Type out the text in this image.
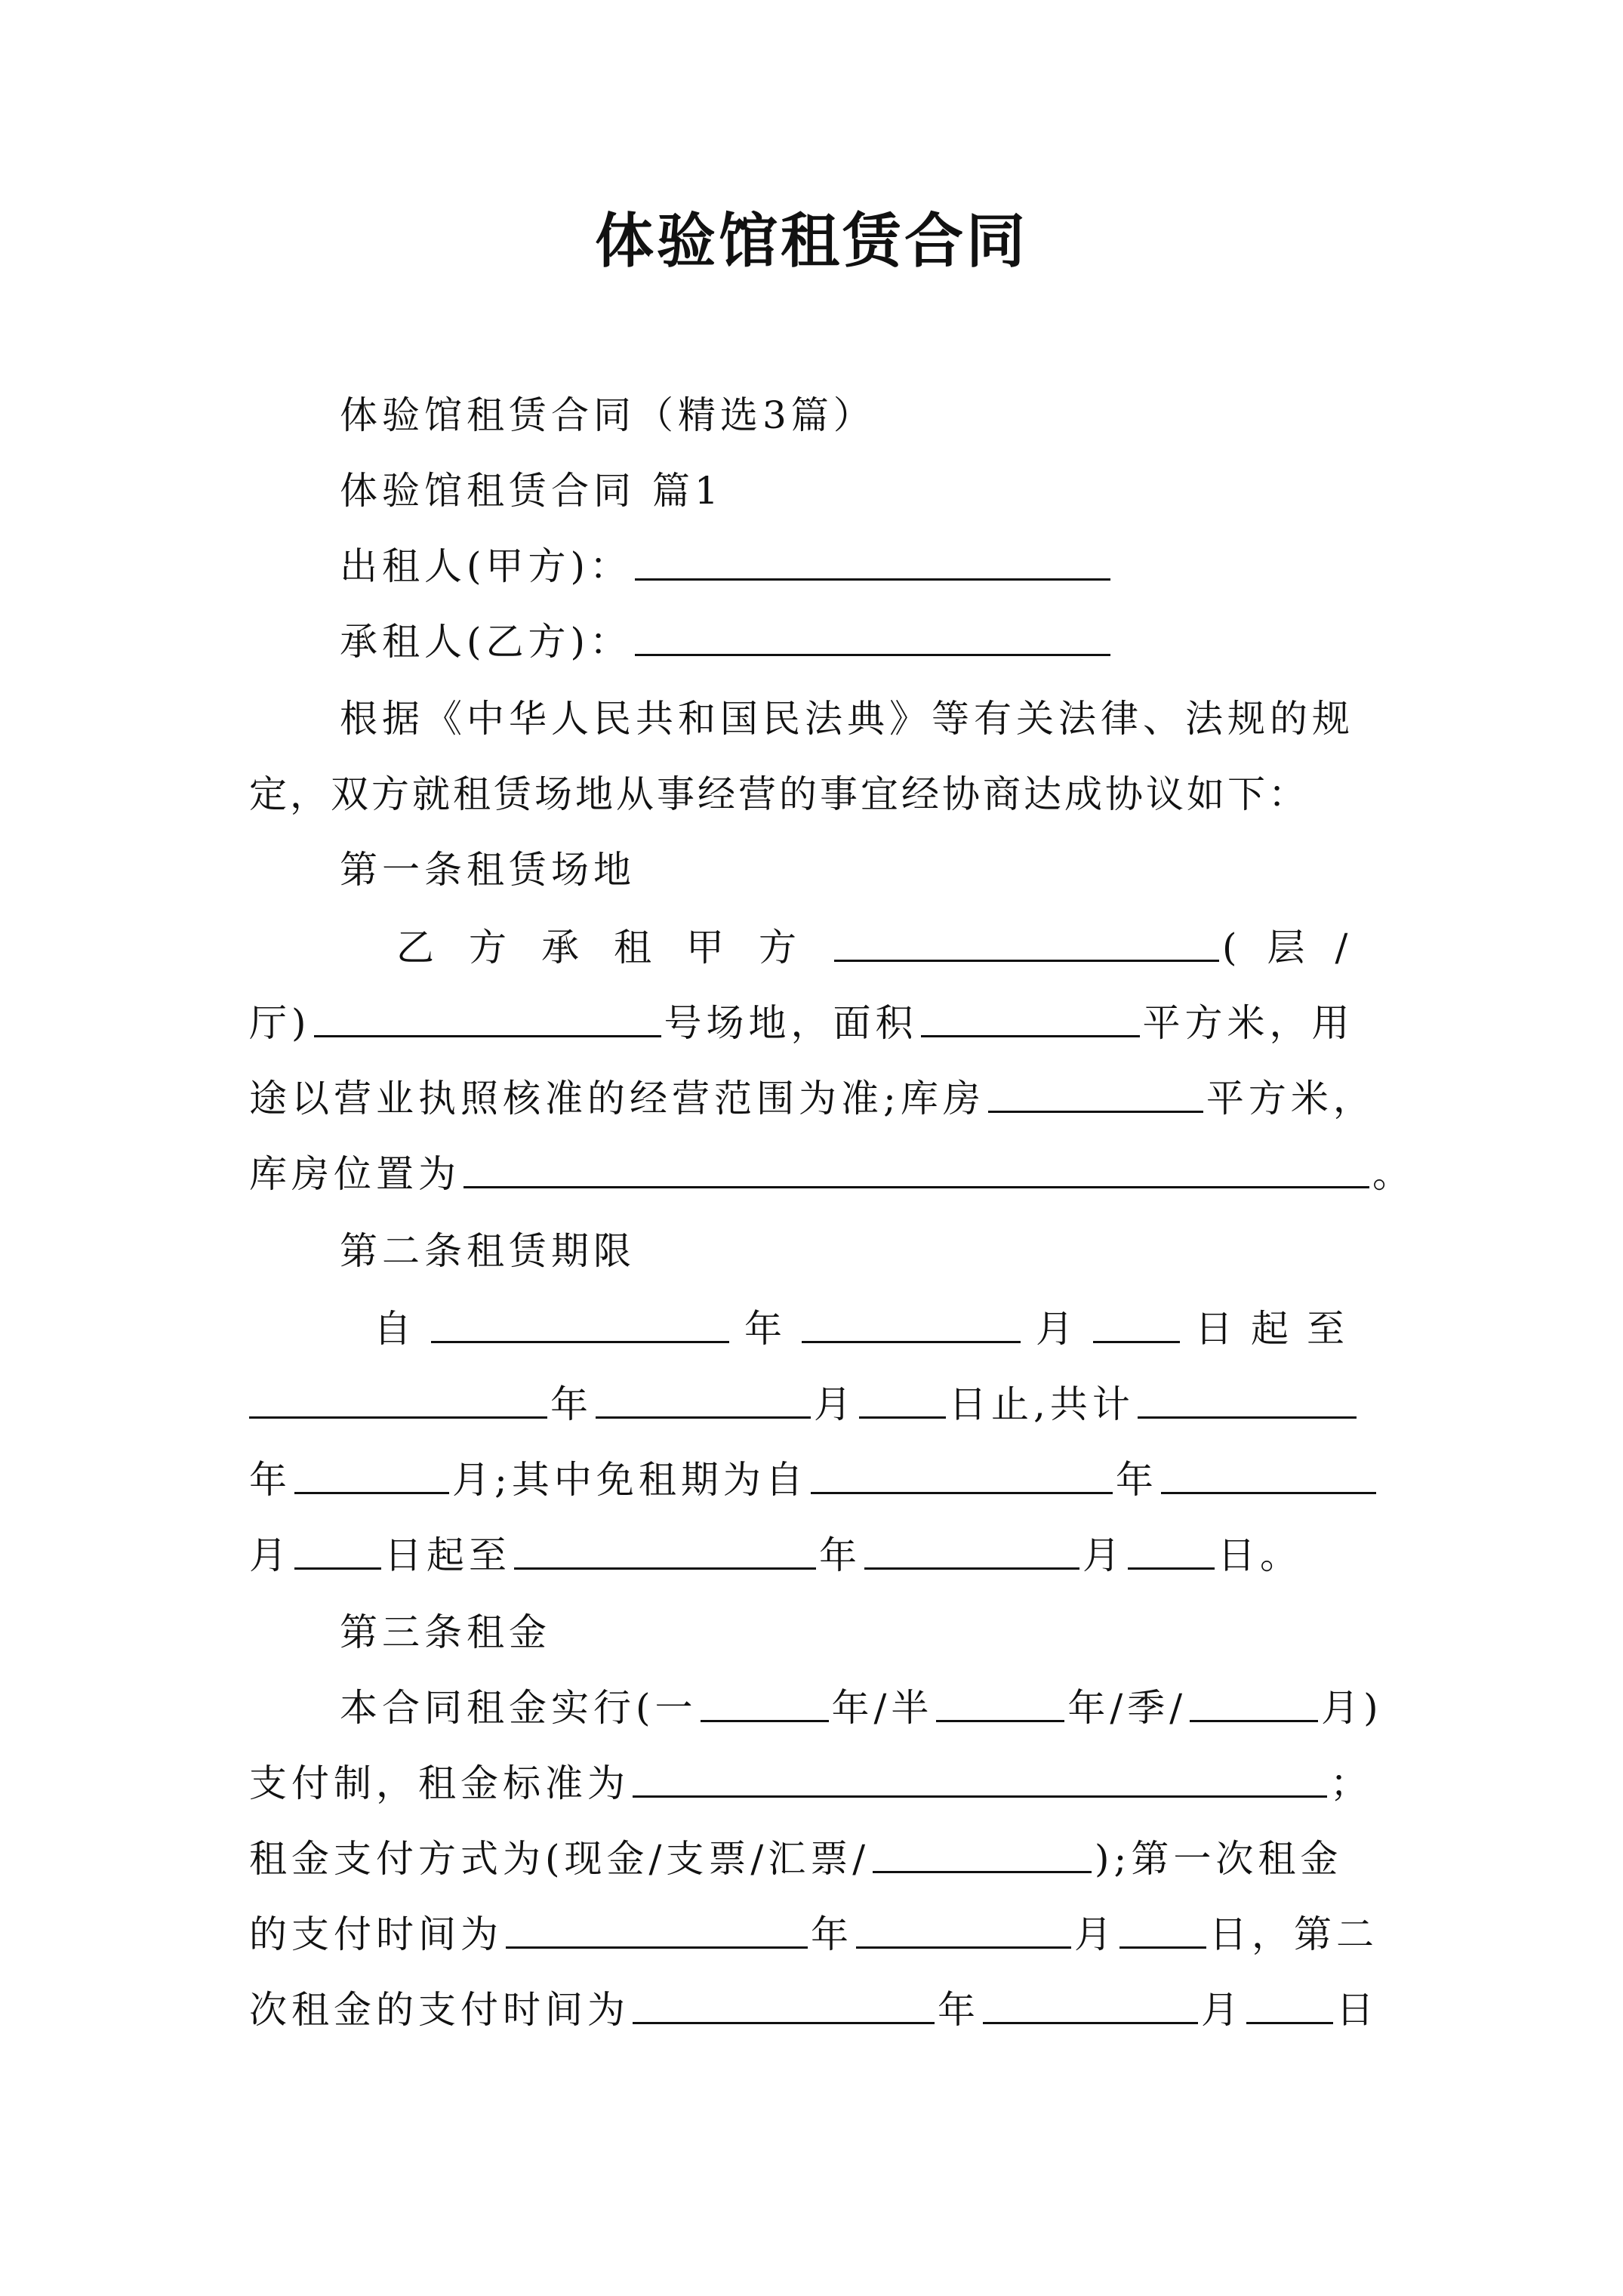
体验馆租赁合同
体验馆租赁合同（精选3篇）
体验馆租赁合同 篇1
出租人(甲方)：
承租人(乙方)：
根据《中华人民共和国民法典》等有关法律、法规的规
定，双方就租赁场地从事经营的事宜经协商达成协议如下：
第一条租赁场地
乙方承租甲方	(层/
厅)	号场地，面积	平方米，用
途以营业执照核准的经营范围为准;库房	平方米，
库房位置为	。
第二条租赁期限
自	年	月	日起至
年	月 日止,共计
年	月;其中免租期为自	年
月 日起至	年	月 日。
第三条租金
本合同租金实行(一	年/半	年/季/	月)
支付制，租金标准为	；
租金支付方式为(现金/支票/汇票/	);第一次租金
的支付时间为	年	月 日，第二
次租金的支付时间为	年	月 日
